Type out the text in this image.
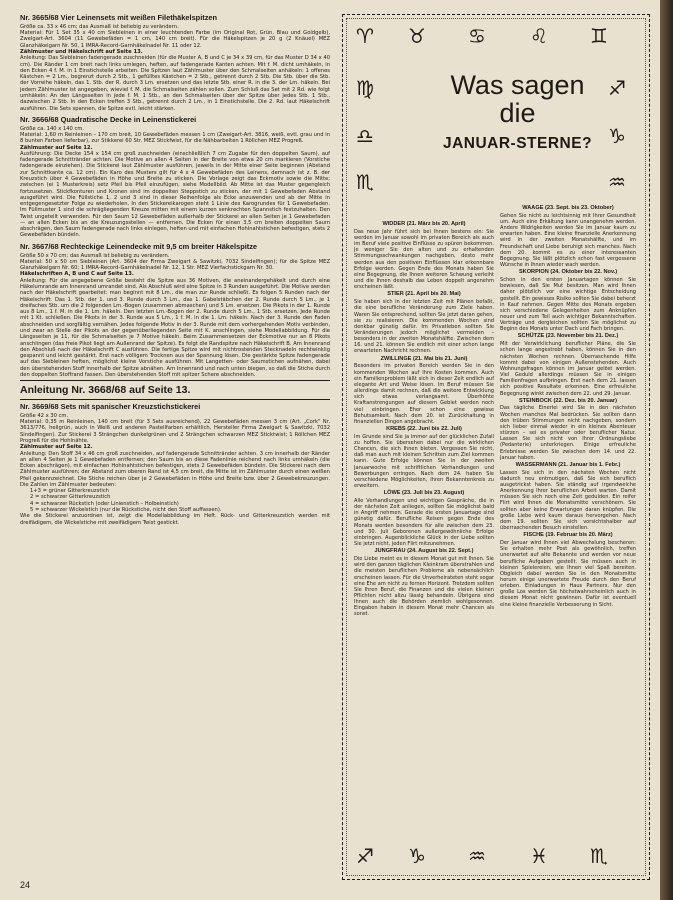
Nr. 3665/68 Vier Leinensets mit weißen Filethäkelspitzen

Größe ca. 33 x 46 cm; das Ausmaß ist beliebig zu verändern.

Material: Für 1 Set 35 x 40 cm Siebleinen in einer leuchtenden Farbe (im Original Rot, Grün, Blau und Goldgelb), Zwelgart-Art. 3604 (11 Gewebefäden = 1 cm, 140 cm breit). Für die Häkelspitzen je 20 g (2 Knäuel) MEZ Glanzhäkelgarn Nr. 50, 1 IMRA-Record-Garnhäkelnadel Nr. 11 oder 12.

Zählmuster und Häkelschrift auf Seite 13.

Anleitung: Das Siebleinen fadengerade zuschneiden (für die Muster A, B und C je 34 x 39 cm, für das Muster D 34 x 40 cm). Die Ränder 1 cm breit nach links umlegen, heften, auf fadengerade Kanten achten. Mit f. M. dicht umhäkeln, in den Ecken 4 f. M. in 1 Einstichstelle arbeiten. Die Spitzen laut Zählmuster über den Schmalseiten anhäkeln: 1 offenes Kästchen = 2 Lm., begrenzt durch 2 Stb., 1 gefülltes Kästchen = 2 Stb., getrennt durch 2 Stb. Die Stb. über die Stb. der Vorreihe häkeln, das 1. Stb. der R. durch 3 Lm. ersetzen und das letzte Stb. einer R. in die 3. der Lm. häkeln. Bei jedem Zählmuster ist angegeben, wieviel f. M. die Schmalseiten zählen sollen. Zum Schluß das Set mit 2 Rd. wie folgt umhäkeln: An den Längsseiten in jede f. M. 1 Stb., an den Schmalseiten über der Spitze über jedes Stb. 1 Stb., dazwischen 2 Stb. In den Ecken treffen 3 Stb., getrennt durch 2 Lm., in 1 Einstichstelle. Die 2. Rd. laut Häkelschrift ausführen. Die Sets spannen, die Spitze evtl. leicht stärken.

Nr. 3666/68 Quadratische Decke in Leinenstickerei

Größe ca. 140 x 140 cm.

Material: 1,60 m Reinleinen – 170 cm breit, 10 Gewebefäden messen 1 cm (Zweigart-Art. 3816, weiß, evtl. grau und in 8 bunten Farben lieferbar), zur Stikkerei 60 Str. MEZ Stickfwist, für die Nähbarbelten 1 Röllchen MEZ Progreß.

Zählmuster auf Seite 12.

Ausführung: Die Decke 154 x 154 cm groß zuschneiden (einschließlich 7 cm Zugabe für den doppelten Saum), auf fadengerade Schnittränder achten. Die Motive an allen 4 Seiten in der Breite von etwa 20 cm markieren (Vorstiche fadengerade einziehen). Die Stickerei laut Zählmuster ausführen, jeweils in der Mitte einer Seite beginnen (Abstand zur Schnittkante ca. 12 cm). Ein Karo des Musters gilt für 4 x 4 Gewebefäden des Leinens, demnach ist z. B. der Kreuzstich über 4 Gewebefäden in Höhe und Breite zu sticken. Die Vorlage zeigt das Eckmotiv sowie die Mitte; zwischen (ei 1 Musterkreis) setz Pfeil bis Pfeil einzufügen, siehe Modellbild. Ab Mitte ist das Muster gegengleich fortzusetzen. Stickfkonturen und Kronen sind im doppelten Steppstich zu sticken, der mit 1 Gewebefaden Abstand ausgeführt wird. Die Füllstiche 1, 2 und 3 sind in dieser Reihenfolge als Ecke anzuwenden und ab der Mitte in entgegengesetzter Folge zu wiederholen. In den Stickereikarogen steht 1 Linie des Karogrundes für 1 Gewebefaden. Im Füllmuster 1 sind die schrägliegenden Kreuze mitten mit einem kurzen senkrechten Spannstich festzuhalten. Den Twist ungeteilt verwenden. Für den Saum 12 Gewebefäden außerhalb der Stickerei an allen Seiten je 1 Gewebefaden — an allen Ecken bis an die Kreuzungsstellen — entfernen. Die Ecken für einen 3,5 cm breiten doppelten Saum abschrägen, den Saum fadengerade nach links einlegen, heften und mit einfachen Hohlnahtstichen befestigen, stets 2 Gewebefäden bündeln.

Nr. 3667/68 Rechteckige Leinendecke mit 9,5 cm breiter Häkelspitze

Größe 50 x 70 cm; das Ausmaß ist beliebig zu verändern.

Material: 50 x 50 cm Siebleinen (Art. 3604 der Firma Zweigart & Sawitzki, 7032 Sindelfingen); für die Spitze MEZ Glanzhäkelgarn Nr. 60; 1 IMRA-Record-Garnhäkelnadel Nr. 12, 1 Str. MEZ Vierfachstickgarn Nr. 30.

Häkelschriften A, B und C auf Seite 13.

Anleitung: Für die angegebene Größe besteht die Spitze aus 36 Motiven, die aneinandergehäkelt und durch eine Häkelumrande am Innenrand umrandet sind. Als Abschluß wird eine Spitze in 3 Runden ausgeführt. Die Motive werden nach der Häkelschrift gearbeitet: man beginnt mit 8 Lm., die man zur Runde schließt. Es folgen 5 Runden nach der Häkelschrift. Das 1. Stb. der 1. und 3. Runde durch 3 Lm., das 1. Gabelstäbchen der 2. Runde durch 5 Lm., je 1 dreifaches Stb. um die 2 folgenden Lm.-Bogen (zusammen abmaschen) und 5 Lm. ersetzen. Die Pikots in der 1. Runde aus 8 Lm., 1 f. M. in die 1. Lm. häkeln. Den letzten Lm.-Bogen der 2. Runde durch 5 Lm., 1 Stb. ersetzen. Jede Runde mit 1 Kt. schließen. Die Pikots in der 3. Runde aus 5 Lm., 1 f. M. in die 1. Lm. häkeln. Nach der 3. Runde den Faden abschneiden und sorgfältig vernähen. Jedes folgende Motiv in der 3. Runde mit dem vorhergehenden Motiv verbinden, und zwar an Stelle der Pikots an der gegenüberliegenden Seite mit K. anschlingen, siehe Modellabbildung. Für die Längsseiten je 11, für die Schmalseiten je 7 Motive häkeln. Beim Zusammensetzen der Eckmotive nur an 8 Pikots anschlingen (das freie Pikot liegt am Außenrand der Spitze). Es folgt die Randspitze nach Häkelschrift B. Am Innenrand den Abschluß nach der Häkelschrift C ausführen. Die fertige Spitze wird mit nichtrostenden Stecknadeln rechtwinklig gespannt und leicht gestärkt. Erst nach völligem Trocknen aus der Spannung lösen. Die gestärkte Spitze fadengerade auf das Siebleinen heften, möglichst kleine Vorstiche ausführen. Mit Langetten- oder Saumstichen aufnähen, dabei den überstehenden Stoff innerhalb der Spitze abnähen. Am Innenrand und nach unten biegen, so daß die Stiche durch den doppelten Stoffrand fassen. Den überstehenden Stoff mit spitzer Schere abschneiden.

Anleitung Nr. 3668/68 auf Seite 13.
Nr. 3669/68 Sets mit spanischer Kreuzstichstickerei

Größe 42 x 30 cm.

Material: 0,35 m Reinleinen, 140 cm breit (für 3 Sets ausreichend), 22 Gewebefäden messen 3 cm (Art. „Cork" Nr. 3613/776, hellgrün, auch in Weiß und anderen Pastellfarben erhältlich, Hersteller Firma Zweigart & Sawitzki, 7032 Sindelfingen). Zur Stickerei 3 Strängchen dunkelgrünen und 2 Strängchen schwarzen MEZ Sticktwist; 1 Röllchen MEZ Progreß für die Hohlnähte.

Zählmuster auf Seite 12.

Anleitung: Den Stoff 34 x 46 cm groß zuschneiden, auf fadengerade Schnittränder achten. 3 cm innerhalb der Ränder an allen 4 Seiten je 1 Gewebefaden entfernen; den Saum bis an diese Fadenlinie reichend nach links umhäkeln (die Ecken abschrägen), mit einfachen Hohlnahtstichen befestigen, stets 2 Gewebefäden bündeln. Die Stickerei nach dem Zählmuster ausführen; der Abstand zum oberen Rand ist 4,5 cm breit, die Mitte ist im Zählmuster durch einen weißen Pfeil gekennzeichnet. Die Stiche reichen über je 2 Gewebefäden in Höhe und Breite bzw. über 2 Gewebekreuzungen. Die Zahlen im Zählmuster bedeuten:

1+3 = grüner Gitterkreuzstich

2 = schwarzer Gitterkreuzstich

4 = schwarzer Rückstich (oder Linienstich – Holbeinstich)

5 = schwarzer Wickelstich (nur die Rückstiche, nicht den Stoff auffassen).

Wie die Stickerei anzuordnen ist, zeigt die Modellabbildung im Heft. Rück- und Gitterkreuzstich werden mit dreifädigem, die Wickelstiche mit zweifädigem Twist gestickt.

24
♈ ♉ ♋ ♌ ♊
♍
♎
♏
♐
♑
♒
♐ ♑ ♒ ♓ ♏
Was sagen die
JANUAR-STERNE?
WIDDER (21. März bis 20. April)

Das neue Jahr führt sich bei Ihnen bestens ein: Sie werden im Januar sowohl im privaten Bereich als auch im Beruf viele positive Einflüsse zu spüren bekommen. Je weniger Sie den alten und zu erhaltenden Stimmungsschwankungen nachgeben, desto mehr werden aus den positiven Einflüssen klar erkennbare Erfolge werden. Gegen Ende des Monats haben Sie eine Begegnung, die Ihnen weiteren Schwung verleiht und die Ihnen deshalb das Leben doppelt angenehm erscheinen läßt.

STIER (21. April bis 20. Mai)

Sie haben sich in der letzten Zeit mit Plänen befaßt, die eine berufliche Veränderung zum Ziele haben. Waren Sie entsprechend, sollten Sie jetzt daran gehen, sie zu realisieren. Die kommenden Wochen sind denkbar günstig dafür. Im Privatleben sollten Sie Veränderungen jedoch möglichst vermeiden – besonders in der zweiten Monatshälfte. Zwischen dem 16. und 21. können Sie endlich mit einer schon lange erwarteten Nachricht rechnen.

ZWILLINGE (21. Mai bis 21. Juni)

Besonders im privaten Bereich werden Sie in den kommenden Wochen auf Ihre Kosten kommen. Auch ein Familienproblem läßt sich in dieser Zeit endlich auf elegante Art und Weise lösen. Im Beruf müssen Sie allerdings damit rechnen, daß die weitere Entwicklung sich etwas verlangsamt. Überhöhte Kraftanstrengungen auf diesem Gebiet werden noch viel einbringen. Eher schon eine gewisse Behutsamkeit. Nach dem 20. ist Zurückhaltung in finanziellen Dingen angebracht.

KREBS (22. Juni bis 22. Juli)

Im Grunde sind Sie ja immer auf der glücklichen Zufall zu hoffen. Sie übersehen dabei nur die wirklichen Chancen, die sich Ihnen bieten. Vergessen Sie nicht, daß man auch mit kleinen Schritten zum Ziel kommen kann. Gute Erfolge können Sie in der zweiten Januarwoche mit schriftlichen Verhandlungen und Bewerbungen erringen. Nach dem 24. haben Sie verschiedene Möglichkeiten, Ihren Bekanntenkreis zu erweitern.

LÖWE (23. Juli bis 23. August)

Alle Verhandlungen und wichtigen Gespräche, die in der nächsten Zeit anliegen, sollten Sie möglichst bald in Angriff nehmen. Gerade die ersten Januartage sind günstig dafür. Berufliche Reisen gegen Ende des Monats werden besonders für alle zwischen dem 23. und 30. Juli Geborenen außergewöhnliche Erfolge einbringen. Augenblickliche Glück in der Liebe sollten Sie jetzt nicht, jeden Flirt mitzunehmen.

JUNGFRAU (24. August bis 22. Sept.)

Die Liebe meint es in diesem Monat gut mit Ihnen. Sie wird den ganzen täglichen Kleinkram überstrahlen und die meisten beruflichen Probleme als nebensächlich erscheinen lassen. Für die Unverheirateten steht sogar eine Ehe am nicht zu fernen Horizont. Trotzdem sollten Sie Ihren Beruf, die Finanzen und die vielen kleinen Pflichten nicht allzu lässig behandeln. Übrigens sind Ihnen auch die Behörden ziemlich wohlgesonnen. Eingaben haben in diesem Monat mehr Chancen als sonst.

WAAGE (23. Sept. bis 23. Oktober)

Gehen Sie nicht zu leichtsinnig mit Ihrer Gesundheit um. Auch eine Erkältung kann unangenehm werden. Andere Widrigkeiten werden Sie im Januar kaum zu erwarten haben. Eine kleine finanzielle Anerkennung wird in der zweiten Monatshälfte, und im Freundschaft und Liebe beruhigt sich manches. Nach dem 20. kommt es zu einer interessanten Begegnung. Sie läßt plötzlich schon fast vergessene Wünsche in Ihnen wieder wach werden.

SKORPION (24. Oktober bis 22. Nov.)

Schon in den ersten Januartagen können Sie bewiesen, daß Sie Mut besitzen. Man wird Ihnen daher plötzlich vor eine wichtige Entscheidung gestellt. Ein gewisses Risiko sollten Sie dabei beherzt in Kauf nehmen. Gegen Mitte des Monats ergeben sich verschiedene Gelegenheiten zum Anknüpfen neuer und zum Teil auch wichtiger Bekanntschaften. Verträge und dergleichen sollten Sie möglichst zu Beginn des Monats unter Dach und Fach bringen.

SCHÜTZE (23. November bis 21. Dez.)

Mit der Verwirklichung beruflicher Pläne, die Sie schon lange angestrebt haben, können Sie in den nächsten Wochen rechnen. Überraschende Hilfe kommt dabei von einigen Außenstehenden. Auch Wohnungsfragen können im Januar gelöst werden. Viel Geduld allerdings müssen Sie in einigen Familienfragen aufbringen. Erst nach dem 21. lassen sich positive Resultate erkennen. Eine erfreuliche Begegnung winkt zwischen dem 22. und 29. Januar.

STEINBOCK (22. Dez. bis 20. Januar)

Das tägliche Einerlei wird Sie in den nächsten Wochen manches Mal bedrücken. Sie sollten dann den trüben Stimmungen nicht nachgeben, sondern sich lieber einmal wieder in ein kleines Abenteuer stürzen – sei es privater oder beruflicher Natur. Lassen Sie sich nicht von Ihrer Ordnungsliebe (Pedanterie) unterkriegen. Einige erfreuliche Erlebnisse werden Sie zwischen dem 14. und 22. Januar haben.

WASSERMANN (21. Januar bis 1. Febr.)

Lassen Sie sich in den nächsten Wochen nicht dadurch neu entmutigen, daß Sie sich beruflich ausgetrickst haben. Sie ständig auf irgendwelche Anerkennung Ihrer beruflichen Arbeit warten. Damit müssen Sie sich noch eine Zeit gedulden. Ein reifer Flirt wird Ihnen die Monatsmitte verschönern. Sie sollten aber keine Erwartungen daran knüpfen. Die große Liebe wird kaum daraus hervorgehen. Nach dem 19. sollten Sie sich vorsichtshalber auf überraschenden Besuch einstellen.

FISCHE (19. Februar bis 20. März)

Der Januar wird Ihnen viel Abwechslung bescheren: Sie erhalten mehr Post als gewöhnlich, treffen unerwartet auf alte Bekannte und werden vor neue berufliche Aufgaben gestellt. Sie müssen auch in kleinen Spielereien, wie Ihnen viel Spaß bereiten. Obgleich dabei werden Sie in den Monatsmitte herum einige unerwartete Freude durch den Beruf erleben. Einladungen in Haus Partners. Nur den große Los werden Sie höchstwahrscheinlich auch in diesem Monat nicht gewinnen. Dafür ist eventuell eine kleine finanzielle Verbesserung in Sicht.
